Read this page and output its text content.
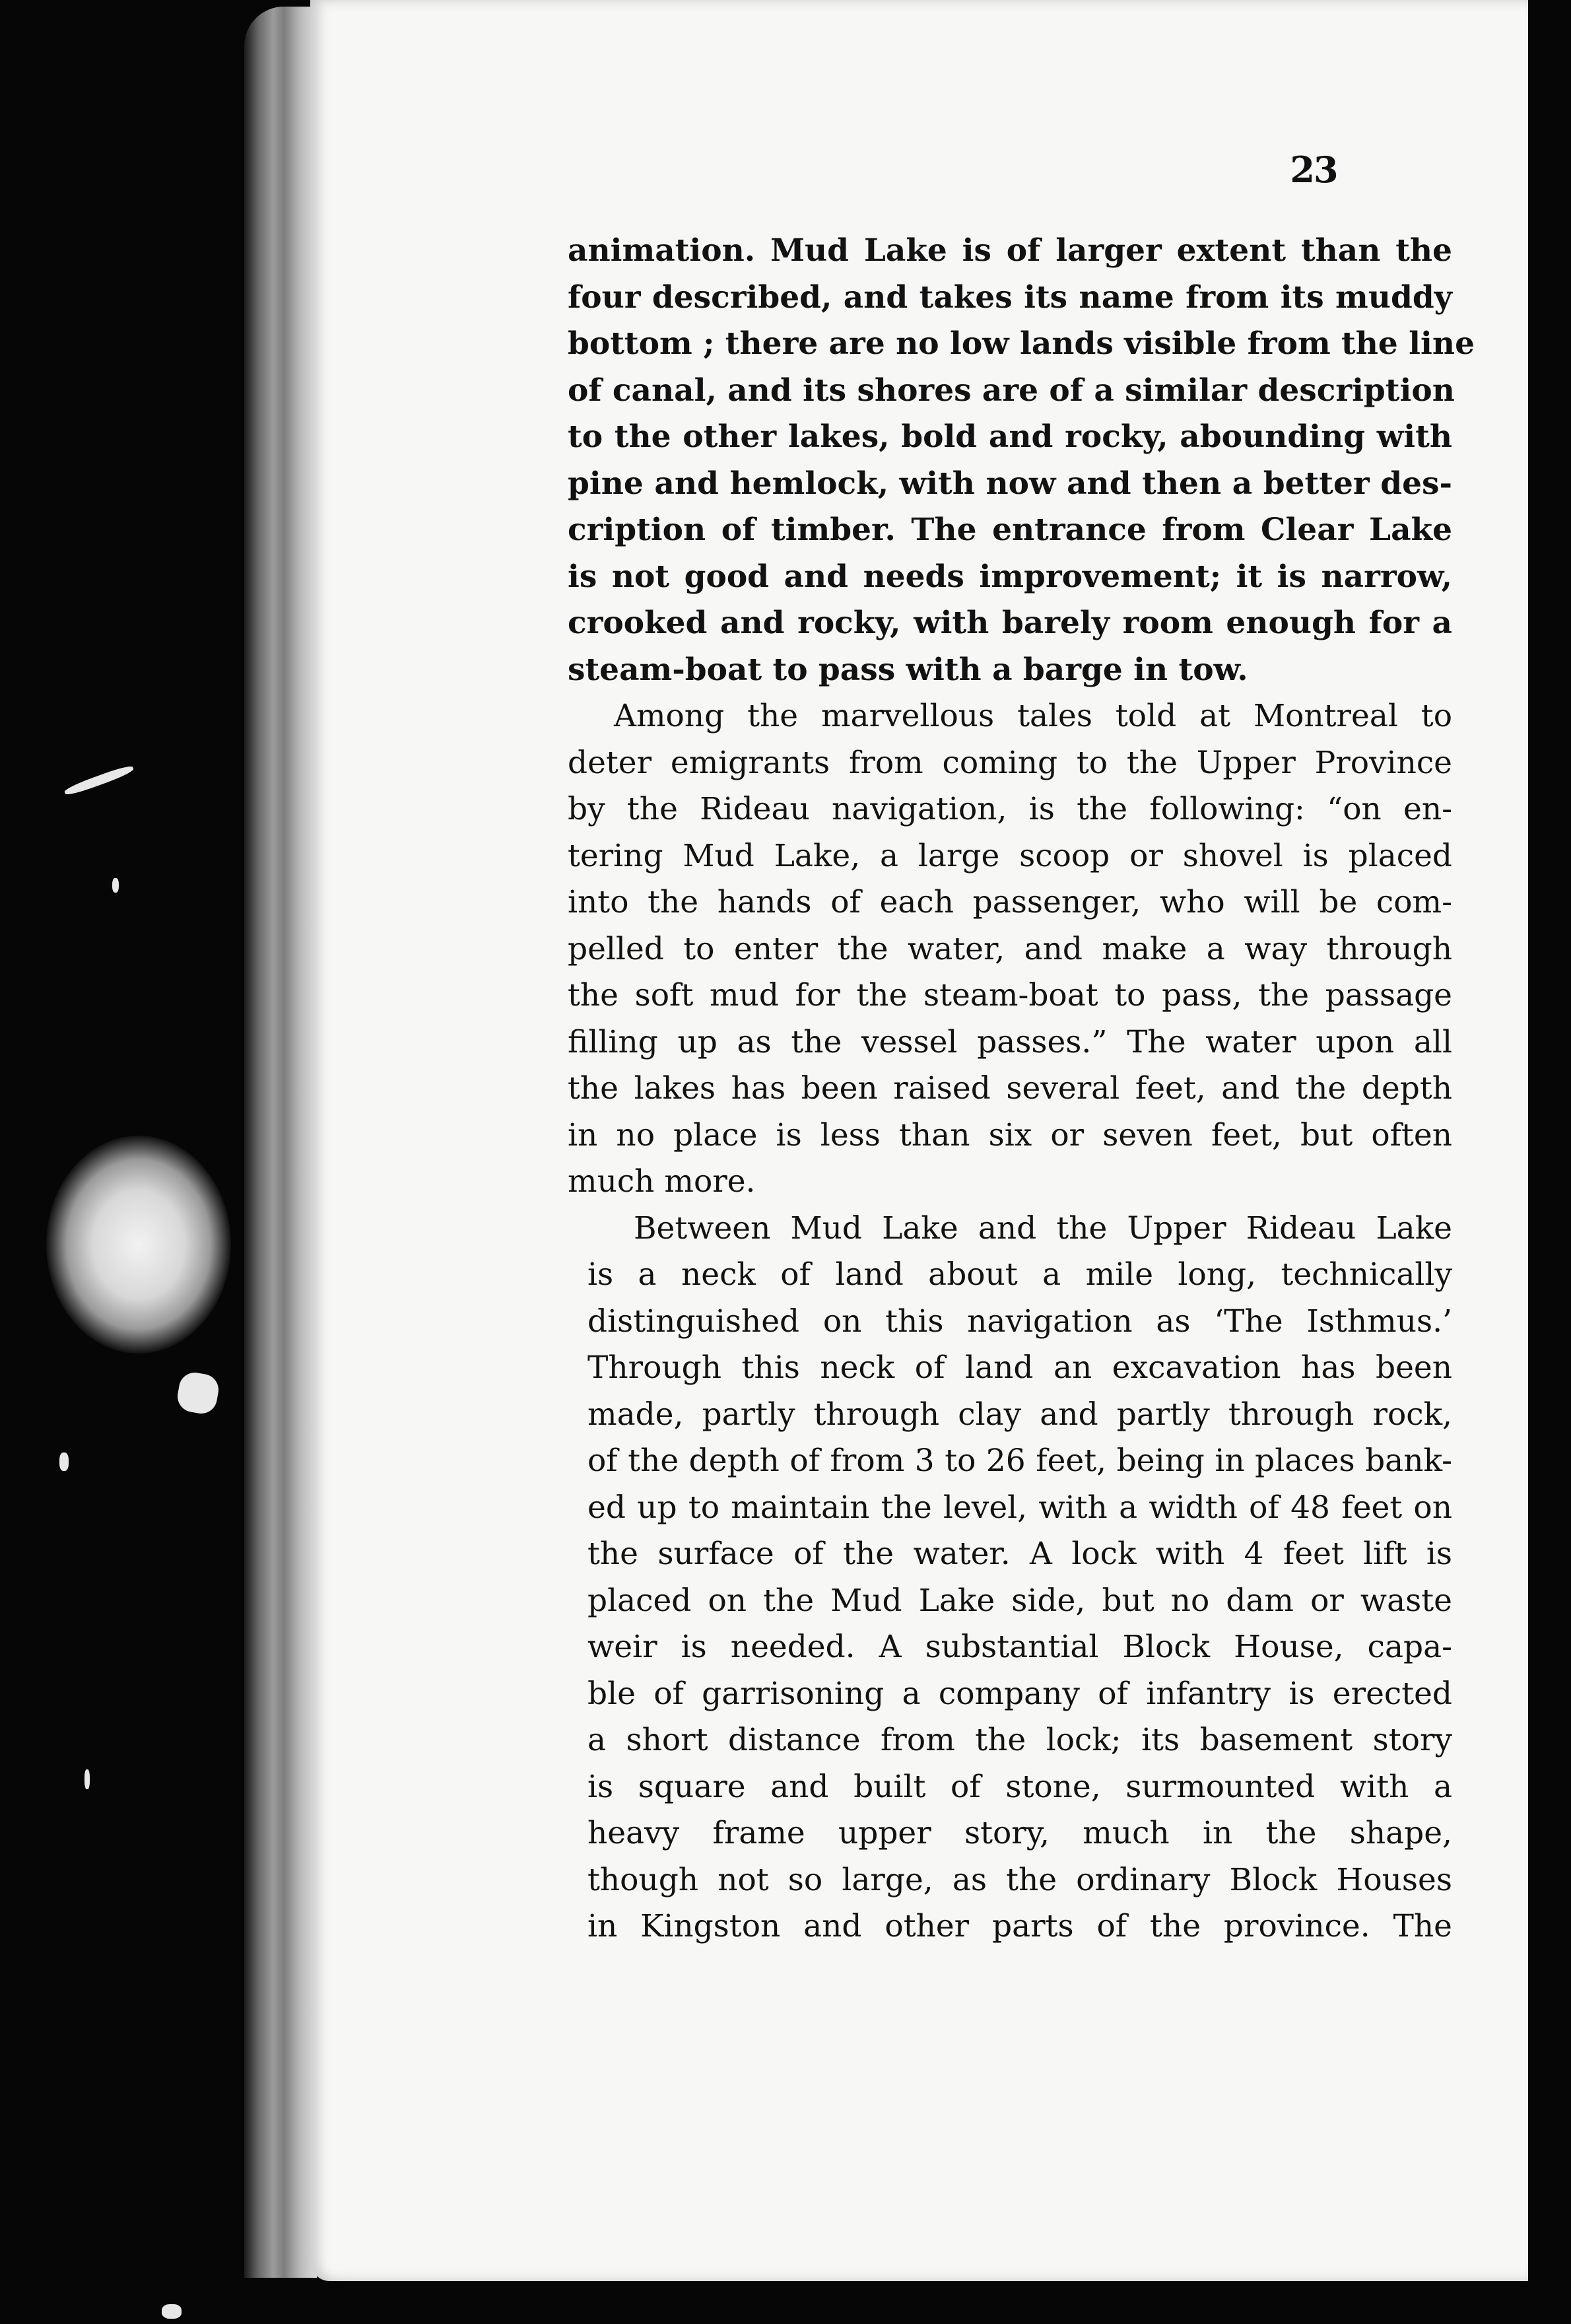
23
animation. Mud Lake is of larger extent than the
four described, and takes its name from its muddy
bottom ; there are no low lands visible from the line
of canal, and its shores are of a similar description
to the other lakes, bold and rocky, abounding with
pine and hemlock, with now and then a better des-
cription of timber. The entrance from Clear Lake
is not good and needs improvement; it is narrow,
crooked and rocky, with barely room enough for a
steam-boat to pass with a barge in tow.
Among the marvellous tales told at Montreal to
deter emigrants from coming to the Upper Province
by the Rideau navigation, is the following: “on en-
tering Mud Lake, a large scoop or shovel is placed
into the hands of each passenger, who will be com-
pelled to enter the water, and make a way through
the soft mud for the steam-boat to pass, the passage
filling up as the vessel passes.” The water upon all
the lakes has been raised several feet, and the depth
in no place is less than six or seven feet, but often
much more.
Between Mud Lake and the Upper Rideau Lake
is a neck of land about a mile long, technically
distinguished on this navigation as ‘The Isthmus.’
Through this neck of land an excavation has been
made, partly through clay and partly through rock,
of the depth of from 3 to 26 feet, being in places bank-
ed up to maintain the level, with a width of 48 feet on
the surface of the water. A lock with 4 feet lift is
placed on the Mud Lake side, but no dam or waste
weir is needed. A substantial Block House, capa-
ble of garrisoning a company of infantry is erected
a short distance from the lock; its basement story
is square and built of stone, surmounted with a
heavy frame upper story, much in the shape,
though not so large, as the ordinary Block Houses
in Kingston and other parts of the province. The
